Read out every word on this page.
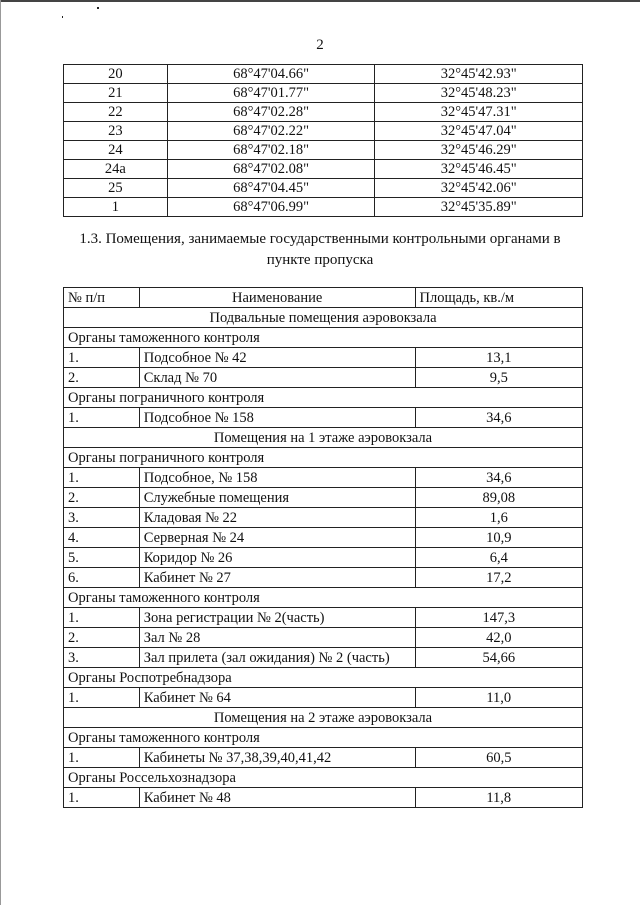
2
20	68°47'04.66"	32°45'42.93"
21	68°47'01.77"	32°45'48.23"
22	68°47'02.28"	32°45'47.31"
23	68°47'02.22"	32°45'47.04"
24	68°47'02.18"	32°45'46.29"
24а	68°47'02.08"	32°45'46.45"
25	68°47'04.45"	32°45'42.06"
1	68°47'06.99"	32°45'35.89"
1.3. Помещения, занимаемые государственными контрольными органами в
пункте пропуска
№ п/п	Наименование	Площадь, кв./м
Подвальные помещения аэровокзала		
Органы таможенного контроля		
1.	Подсобное № 42	13,1
2.	Склад № 70	9,5
Органы пограничного контроля		
1.	Подсобное № 158	34,6
Помещения на 1 этаже аэровокзала		
Органы пограничного контроля		
1.	Подсобное, № 158	34,6
2.	Служебные помещения	89,08
3.	Кладовая № 22	1,6
4.	Серверная № 24	10,9
5.	Коридор № 26	6,4
6.	Кабинет № 27	17,2
Органы таможенного контроля		
1.	Зона регистрации № 2(часть)	147,3
2.	Зал № 28	42,0
3.	Зал прилета (зал ожидания) № 2 (часть)	54,66
Органы Роспотребнадзора		
1.	Кабинет № 64	11,0
Помещения на 2 этаже аэровокзала		
Органы таможенного контроля		
1.	Кабинеты № 37,38,39,40,41,42	60,5
Органы Россельхознадзора		
1.	Кабинет № 48	11,8
